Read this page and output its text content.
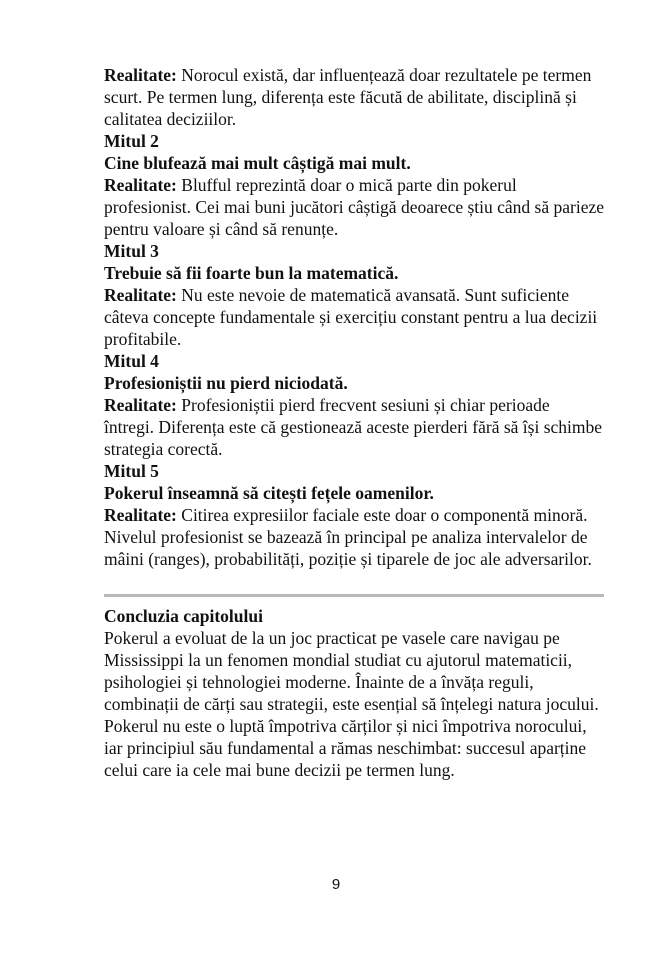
Realitate: Norocul există, dar influențează doar rezultatele pe termen scurt. Pe termen lung, diferența este făcută de abilitate, disciplină și calitatea deciziilor.

Mitul 2
Cine blufează mai mult câștigă mai mult.

Realitate: Blufful reprezintă doar o mică parte din pokerul profesionist. Cei mai buni jucători câștigă deoarece știu când să parieze pentru valoare și când să renunțe.

Mitul 3
Trebuie să fii foarte bun la matematică.

Realitate: Nu este nevoie de matematică avansată. Sunt suficiente câteva concepte fundamentale și exercițiu constant pentru a lua decizii profitabile.

Mitul 4
Profesioniștii nu pierd niciodată.

Realitate: Profesioniștii pierd frecvent sesiuni și chiar perioade întregi. Diferența este că gestionează aceste pierderi fără să își schimbe strategia corectă.

Mitul 5
Pokerul înseamnă să citești fețele oamenilor.

Realitate: Citirea expresiilor faciale este doar o componentă minoră. Nivelul profesionist se bazează în principal pe analiza intervalelor de mâini (ranges), probabilități, poziție și tiparele de joc ale adversarilor.

Concluzia capitolului

Pokerul a evoluat de la un joc practicat pe vasele care navigau pe Mississippi la un fenomen mondial studiat cu ajutorul matematicii, psihologiei și tehnologiei moderne. Înainte de a învăța reguli, combinații de cărți sau strategii, este esențial să înțelegi natura jocului.

Pokerul nu este o luptă împotriva cărților și nici împotriva norocului, iar principiul său fundamental a rămas neschimbat: succesul aparține celui care ia cele mai bune decizii pe termen lung.

9
